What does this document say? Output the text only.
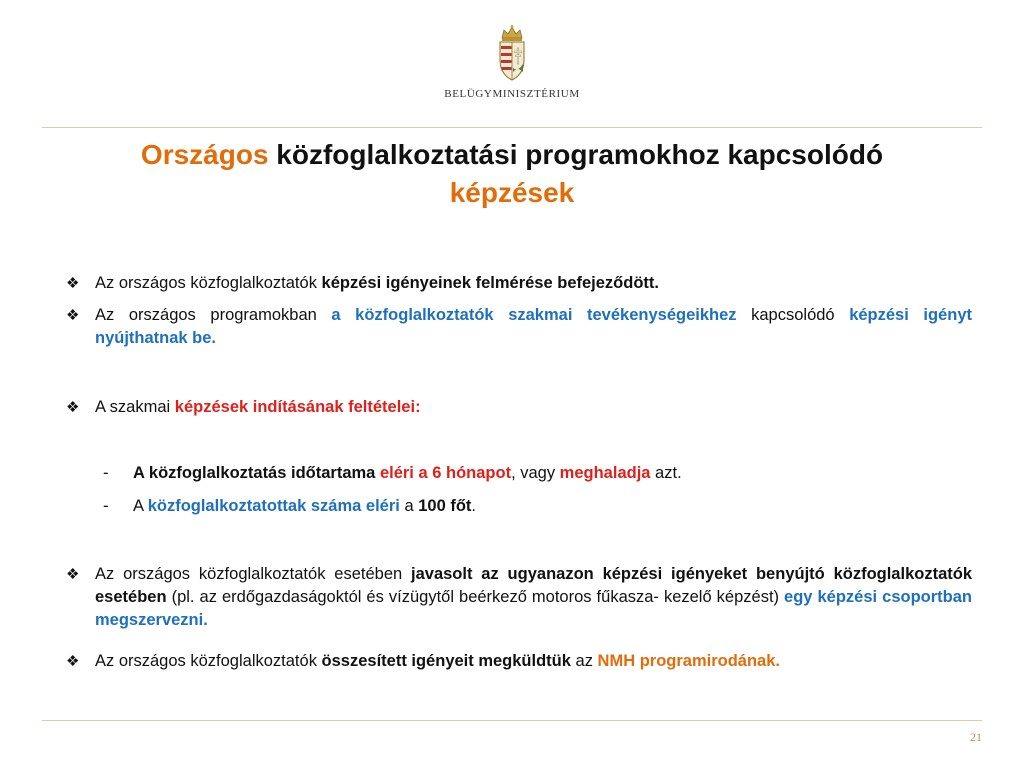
BELÜGYMINISZTÉRIUM
Országos közfoglalkoztatási programokhoz kapcsolódó
képzések
❖ Az országos közfoglalkoztatók képzési igényeinek felmérése befejeződött.
❖ Az országos programokban a közfoglalkoztatók szakmai tevékenységeikhez kapcsolódó képzési igényt nyújthatnak be.
❖ A szakmai képzések indításának feltételei:
- A közfoglalkoztatás időtartama eléri a 6 hónapot, vagy meghaladja azt.
- A közfoglalkoztatottak száma eléri a 100 főt.
❖ Az országos közfoglalkoztatók esetében javasolt az ugyanazon képzési igényeket benyújtó közfoglalkoztatók esetében (pl. az erdőgazdaságoktól és vízügytől beérkező motoros fűkasza- kezelő képzést) egy képzési csoportban megszervezni.
❖ Az országos közfoglalkoztatók összesített igényeit megküldtük az NMH programirodának.
21
